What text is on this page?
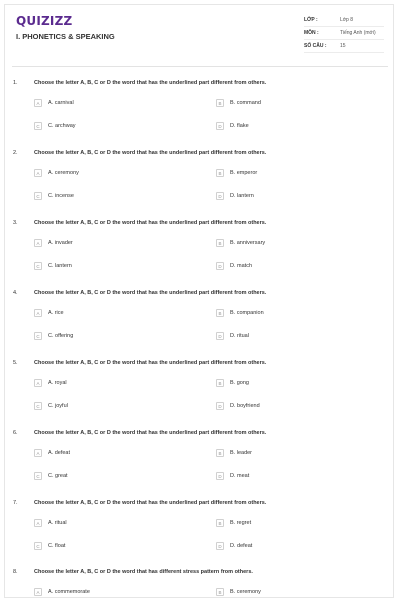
QUIZIZZ
I. PHONETICS & SPEAKING
LỚP :	Lớp 8
MÔN :	Tiếng Anh (mới)
SỐ CÂU :	15
1.	Choose the letter A, B, C or D the word that has the underlined part different from others.
A	A. carnival	B	B. command
C	C. archway	D	D. flake
2.	Choose the letter A, B, C or D the word that has the underlined part different from others.
A	A. ceremony	B	B. emperor
C	C. incense	D	D. lantern
3.	Choose the letter A, B, C or D the word that has the underlined part different from others.
A	A. invader	B	B. anniversary
C	C. lantern	D	D. match
4.	Choose the letter A, B, C or D the word that has the underlined part different from others.
A	A. rice	B	B. companion
C	C. offering	D	D. ritual
5.	Choose the letter A, B, C or D the word that has the underlined part different from others.
A	A. royal	B	B. gong
C	C. joyful	D	D. boyfriend
6.	Choose the letter A, B, C or D the word that has the underlined part different from others.
A	A. defeat	B	B. leader
C	C. great	D	D. meat
7.	Choose the letter A, B, C or D the word that has the underlined part different from others.
A	A. ritual	B	B. regret
C	C. float	D	D. defeat
8.	Choose the letter A, B, C or D the word that has different stress pattern from others.
A	A. commemorate	B	B. ceremony
